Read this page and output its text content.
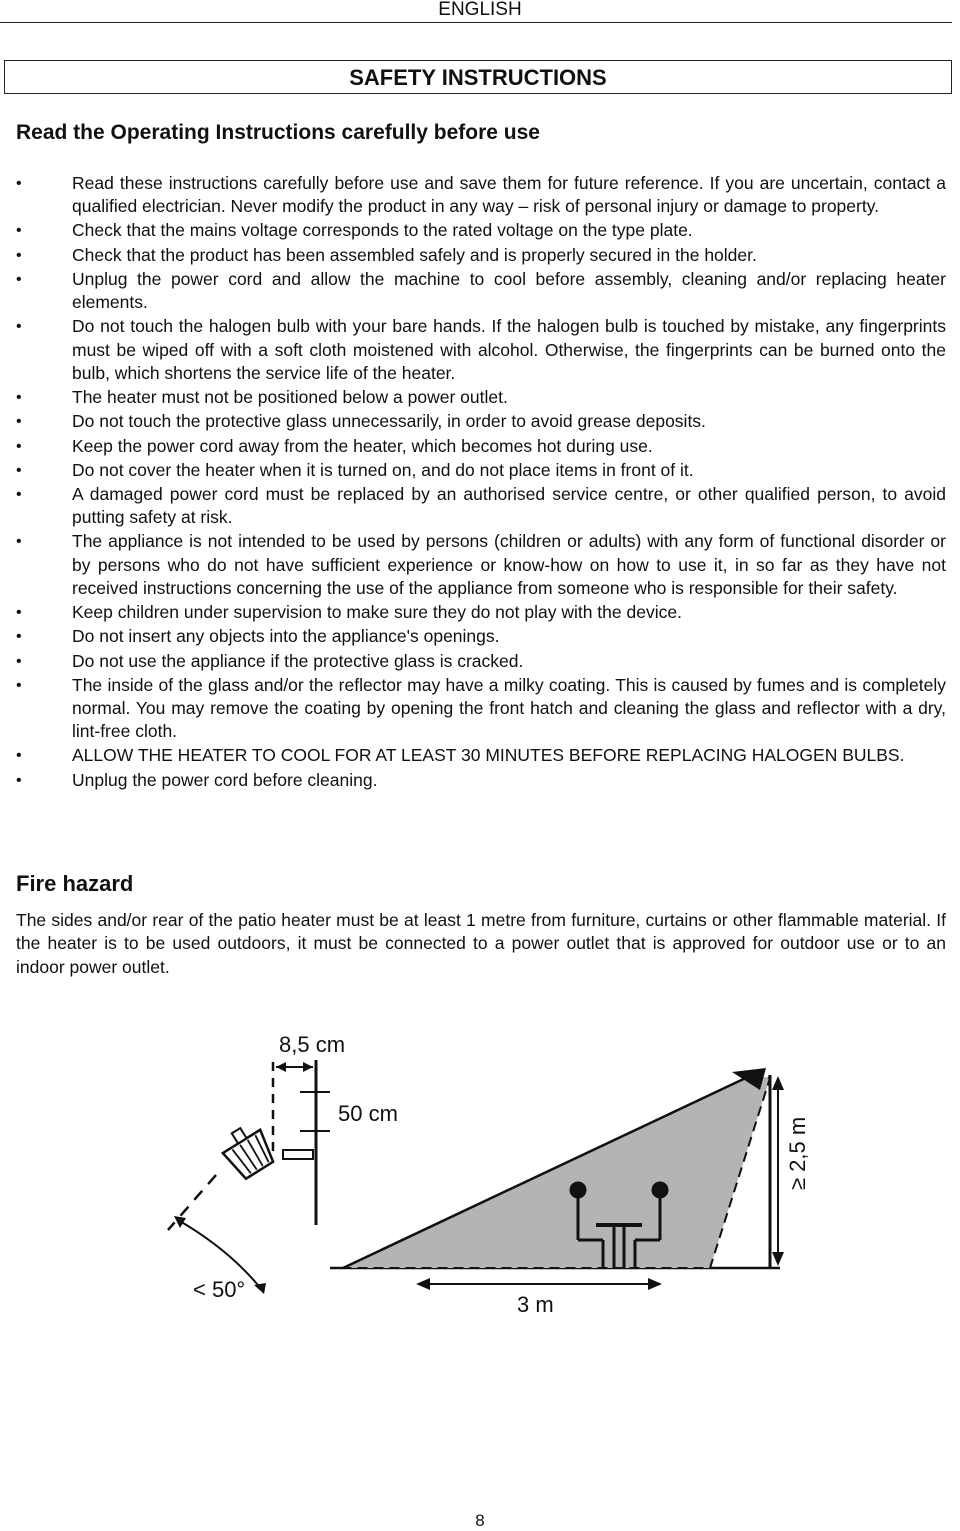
ENGLISH
SAFETY INSTRUCTIONS
Read the Operating Instructions carefully before use
•	Read these instructions carefully before use and save them for future reference. If you are uncertain, contact a qualified electrician. Never modify the product in any way – risk of personal injury or damage to property.
•	Check that the mains voltage corresponds to the rated voltage on the type plate.
•	Check that the product has been assembled safely and is properly secured in the holder.
•	Unplug the power cord and allow the machine to cool before assembly, cleaning and/or replacing heater elements.
•	Do not touch the halogen bulb with your bare hands. If the halogen bulb is touched by mistake, any fingerprints must be wiped off with a soft cloth moistened with alcohol. Otherwise, the fingerprints can be burned onto the bulb, which shortens the service life of the heater.
•	The heater must not be positioned below a power outlet.
•	Do not touch the protective glass unnecessarily, in order to avoid grease deposits.
•	Keep the power cord away from the heater, which becomes hot during use.
•	Do not cover the heater when it is turned on, and do not place items in front of it.
•	A damaged power cord must be replaced by an authorised service centre, or other qualified person, to avoid putting safety at risk.
•	The appliance is not intended to be used by persons (children or adults) with any form of functional disorder or by persons who do not have sufficient experience or know-how on how to use it, in so far as they have not received instructions concerning the use of the appliance from someone who is responsible for their safety.
•	Keep children under supervision to make sure they do not play with the device.
•	Do not insert any objects into the appliance's openings.
•	Do not use the appliance if the protective glass is cracked.
•	The inside of the glass and/or the reflector may have a milky coating. This is caused by fumes and is completely normal. You may remove the coating by opening the front hatch and cleaning the glass and reflector with a dry, lint-free cloth.
•	ALLOW THE HEATER TO COOL FOR AT LEAST 30 MINUTES BEFORE REPLACING HALOGEN BULBS.
•	Unplug the power cord before cleaning.
Fire hazard
The sides and/or rear of the patio heater must be at least 1 metre from furniture, curtains or other flammable material. If the heater is to be used outdoors, it must be connected to a power outlet that is approved for outdoor use or to an indoor power outlet.
8,5 cm
50 cm
< 50°
3 m
≥ 2,5 m
8
